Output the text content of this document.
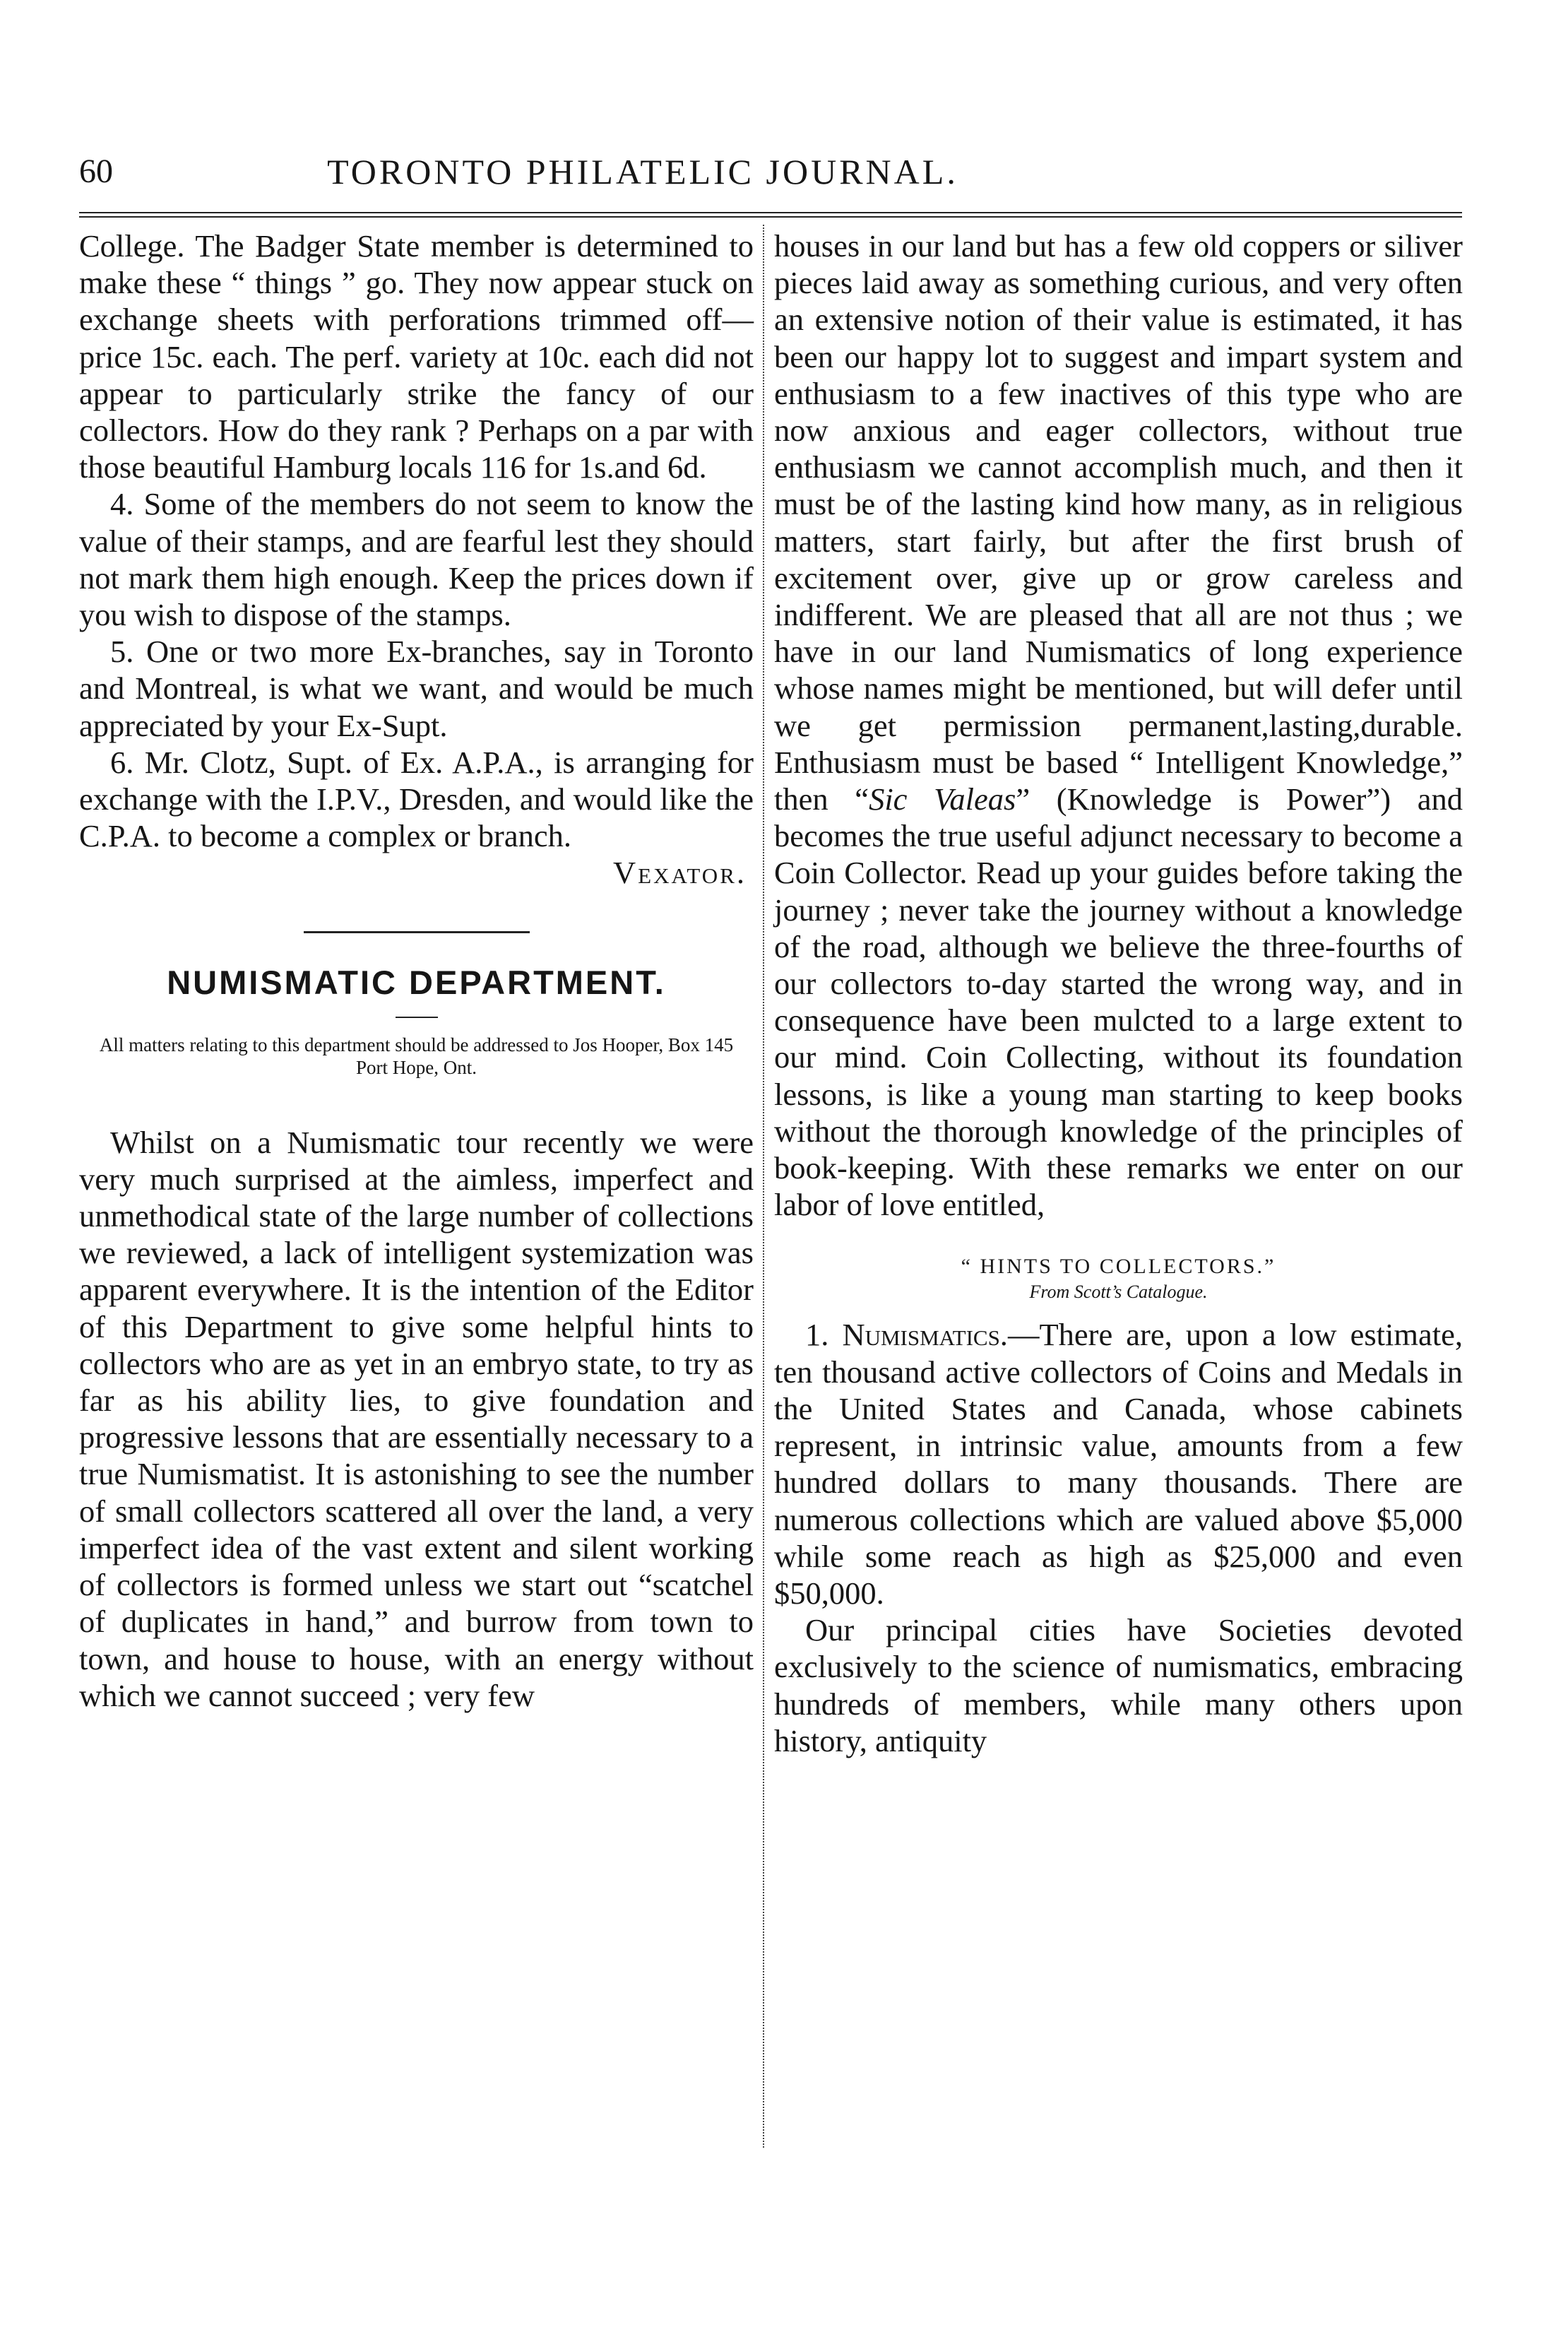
60	TORONTO PHILATELIC JOURNAL.

College. The Badger State member is determined to make these “ things ” go. They now appear stuck on exchange sheets with perforations trimmed off— price 15c. each. The perf. variety at 10c. each did not appear to particularly strike the fancy of our collectors. How do they rank ? Perhaps on a par with those beautiful Hamburg locals 116 for 1s.and 6d.

4. Some of the members do not seem to know the value of their stamps, and are fearful lest they should not mark them high enough. Keep the prices down if you wish to dispose of the stamps.

5. One or two more Ex-branches, say in Toronto and Montreal, is what we want, and would be much appreciated by your Ex-Supt.

6. Mr. Clotz, Supt. of Ex. A.P.A., is arranging for exchange with the I.P.V., Dresden, and would like the C.P.A. to become a complex or branch.

Vexator.

NUMISMATIC DEPARTMENT.
All matters relating to this department should be addressed to Jos Hooper, Box 145 Port Hope, Ont.

Whilst on a Numismatic tour recently we were very much surprised at the aimless, imperfect and unmethodical state of the large number of collections we reviewed, a lack of intelligent systemization was apparent everywhere. It is the intention of the Editor of this Department to give some helpful hints to collectors who are as yet in an embryo state, to try as far as his ability lies, to give foundation and progressive lessons that are essentially necessary to a true Numismatist. It is astonishing to see the number of small collectors scattered all over the land, a very imperfect idea of the vast extent and silent working of collectors is formed unless we start out “scatchel of duplicates in hand,” and burrow from town to town, and house to house, with an energy without which we cannot succeed ; very few

houses in our land but has a few old coppers or siliver pieces laid away as something curious, and very often an extensive notion of their value is estimated, it has been our happy lot to suggest and impart system and enthusiasm to a few inactives of this type who are now anxious and eager collectors, without true enthusiasm we cannot accomplish much, and then it must be of the lasting kind how many, as in religious matters, start fairly, but after the first brush of excitement over, give up or grow careless and indifferent. We are pleased that all are not thus ; we have in our land Numismatics of long experience whose names might be mentioned, but will defer until we get permission permanent,lasting,durable. Enthusiasm must be based “ Intelligent Knowledge,” then “Sic Valeas” (Knowledge is Power”) and becomes the true useful adjunct necessary to become a Coin Collector. Read up your guides before taking the journey ; never take the journey without a knowledge of the road, although we believe the three-fourths of our collectors to-day started the wrong way, and in consequence have been mulcted to a large extent to our mind. Coin Collecting, without its foundation lessons, is like a young man starting to keep books without the thorough knowledge of the principles of book-keeping. With these remarks we enter on our labor of love entitled,

“ HINTS TO COLLECTORS.”
From Scott’s Catalogue.

1. Numismatics.—There are, upon a low estimate, ten thousand active collectors of Coins and Medals in the United States and Canada, whose cabinets represent, in intrinsic value, amounts from a few hundred dollars to many thousands. There are numerous collections which are valued above $5,000 while some reach as high as $25,000 and even $50,000.

Our principal cities have Societies devoted exclusively to the science of numismatics, embracing hundreds of members, while many others upon history, antiquity
